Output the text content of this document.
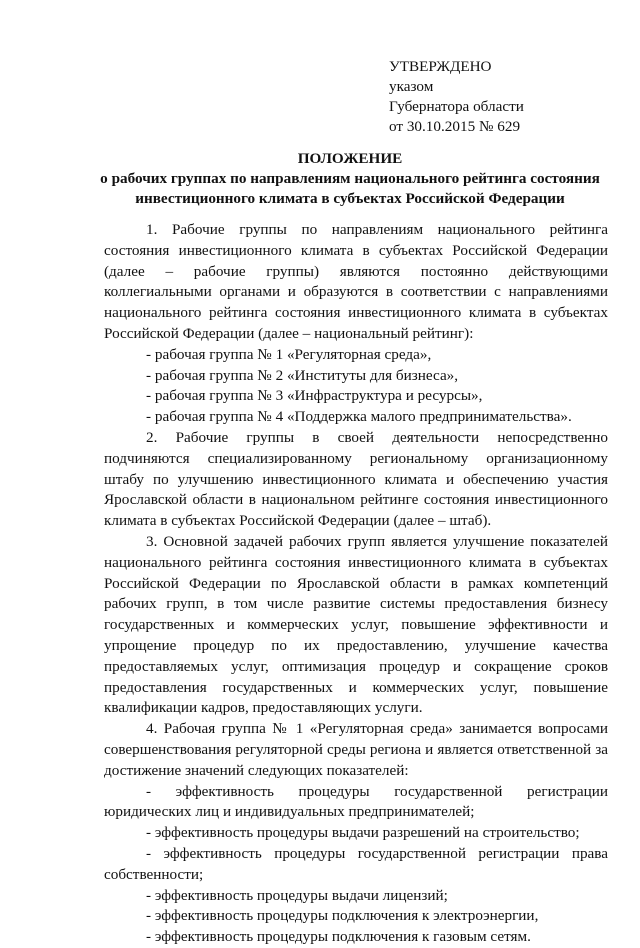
УТВЕРЖДЕНО
указом
Губернатора области
от 30.10.2015 № 629
ПОЛОЖЕНИЕ
о рабочих группах по направлениям национального рейтинга состояния
инвестиционного климата в субъектах Российской Федерации

1. Рабочие группы по направлениям национального рейтинга состояния инвестиционного климата в субъектах Российской Федерации (далее – рабочие группы) являются постоянно действующими коллегиальными органами и образуются в соответствии с направлениями национального рейтинга состояния инвестиционного климата в субъектах Российской Федерации (далее – национальный рейтинг):

- рабочая группа № 1 «Регуляторная среда»,

- рабочая группа № 2 «Институты для бизнеса»,

- рабочая группа № 3 «Инфраструктура и ресурсы»,

- рабочая группа № 4 «Поддержка малого предпринимательства».

2. Рабочие группы в своей деятельности непосредственно подчиняются специализированному региональному организационному штабу по улучшению инвестиционного климата и обеспечению участия Ярославской области в национальном рейтинге состояния инвестиционного климата в субъектах Российской Федерации (далее – штаб).

3. Основной задачей рабочих групп является улучшение показателей национального рейтинга состояния инвестиционного климата в субъектах Российской Федерации по Ярославской области в рамках компетенций рабочих групп, в том числе развитие системы предоставления бизнесу государственных и коммерческих услуг, повышение эффективности и упрощение процедур по их предоставлению, улучшение качества предоставляемых услуг, оптимизация процедур и сокращение сроков предоставления государственных и коммерческих услуг, повышение квалификации кадров, предоставляющих услуги.

4. Рабочая группа № 1 «Регуляторная среда» занимается вопросами совершенствования регуляторной среды региона и является ответственной за достижение значений следующих показателей:

- эффективность процедуры государственной регистрации юридических лиц и индивидуальных предпринимателей;

- эффективность процедуры выдачи разрешений на строительство;

- эффективность процедуры государственной регистрации права собственности;

- эффективность процедуры выдачи лицензий;

- эффективность процедуры подключения к электроэнергии,

- эффективность процедуры подключения к газовым сетям.
